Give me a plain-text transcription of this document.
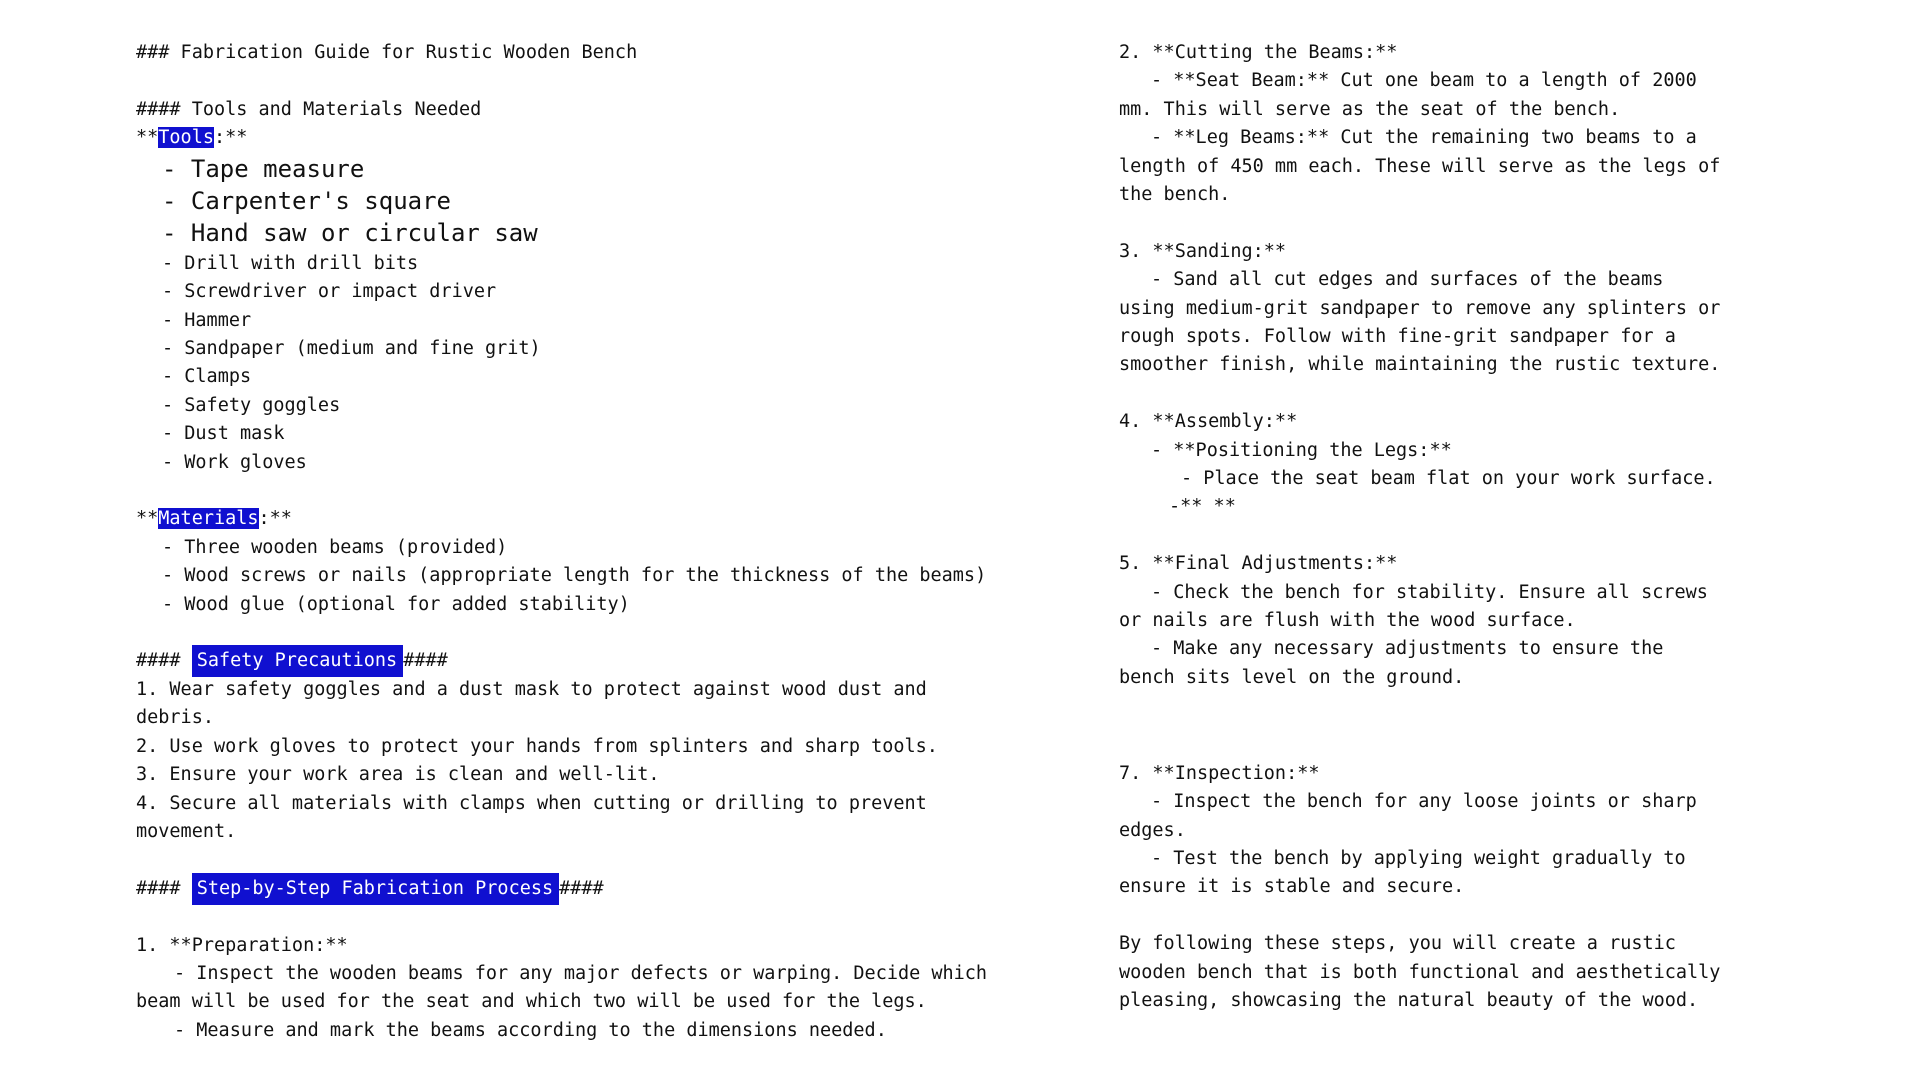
### Fabrication Guide for Rustic Wooden Bench

#### Tools and Materials Needed

**Tools:**

- Tape measure

- Carpenter's square

- Hand saw or circular saw

- Drill with drill bits

- Screwdriver or impact driver

- Hammer

- Sandpaper (medium and fine grit)

- Clamps

- Safety goggles

- Dust mask

- Work gloves

**Materials:**

- Three wooden beams (provided)

- Wood screws or nails (appropriate length for the thickness of the beams)

- Wood glue (optional for added stability)

#### Safety Precautions ####

1. Wear safety goggles and a dust mask to protect against wood dust and

debris.

2. Use work gloves to protect your hands from splinters and sharp tools.

3. Ensure your work area is clean and well-lit.

4. Secure all materials with clamps when cutting or drilling to prevent

movement.

#### Step-by-Step Fabrication Process ####

1. **Preparation:**

- Inspect the wooden beams for any major defects or warping. Decide which

beam will be used for the seat and which two will be used for the legs.

- Measure and mark the beams according to the dimensions needed.

2. **Cutting the Beams:**

- **Seat Beam:** Cut one beam to a length of 2000

mm. This will serve as the seat of the bench.

- **Leg Beams:** Cut the remaining two beams to a

length of 450 mm each. These will serve as the legs of

the bench.

3. **Sanding:**

- Sand all cut edges and surfaces of the beams

using medium-grit sandpaper to remove any splinters or

rough spots. Follow with fine-grit sandpaper for a

smoother finish, while maintaining the rustic texture.

4. **Assembly:**

- **Positioning the Legs:**

- Place the seat beam flat on your work surface.

-** **

5. **Final Adjustments:**

- Check the bench for stability. Ensure all screws

or nails are flush with the wood surface.

- Make any necessary adjustments to ensure the

bench sits level on the ground.

7. **Inspection:**

- Inspect the bench for any loose joints or sharp

edges.

- Test the bench by applying weight gradually to

ensure it is stable and secure.

By following these steps, you will create a rustic

wooden bench that is both functional and aesthetically

pleasing, showcasing the natural beauty of the wood.
